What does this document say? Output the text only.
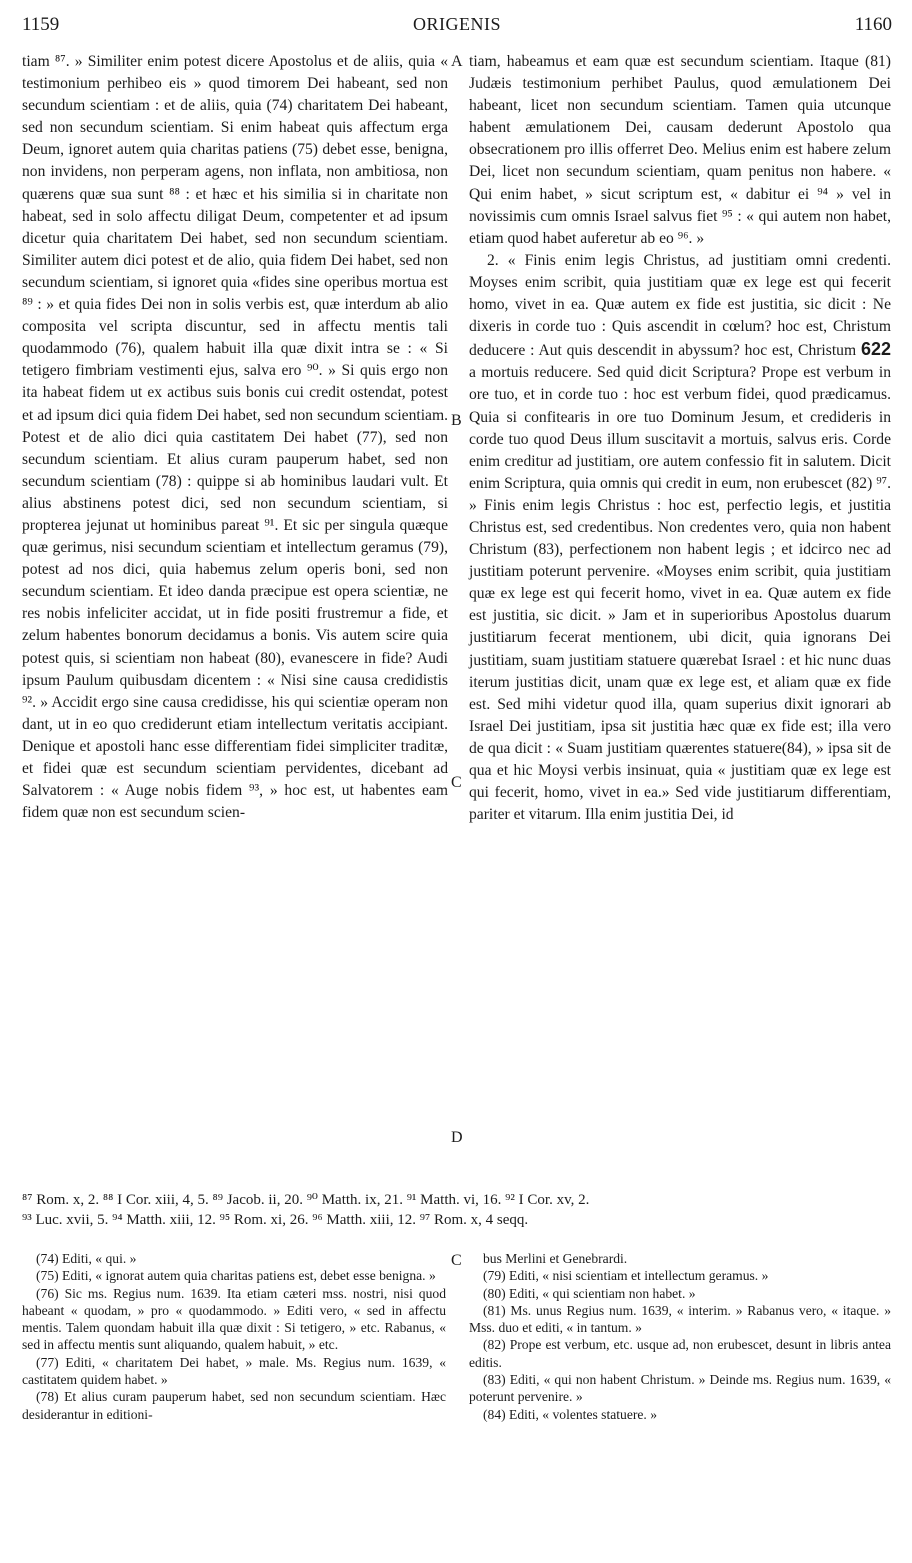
1159	ORIGENIS	1160

tiam ⁸⁷. » Similiter enim potest dicere Apostolus et de aliis, quia « testimonium perhibeo eis » quod timorem Dei habeant, sed non secundum scientiam : et de aliis, quia (74) charitatem Dei habeant, sed non secundum scientiam. Si enim habeat quis affectum erga Deum, ignoret autem quia charitas patiens (75) debet esse, benigna, non invidens, non perperam agens, non inflata, non ambitiosa, non quærens quæ sua sunt ⁸⁸ : et hæc et his similia si in charitate non habeat, sed in solo affectu diligat Deum, competenter et ad ipsum dicetur quia charitatem Dei habet, sed non secundum scientiam. Similiter autem dici potest et de alio, quia fidem Dei habet, sed non secundum scientiam, si ignoret quia «fides sine operibus mortua est ⁸⁹ : » et quia fides Dei non in solis verbis est, quæ interdum ab alio composita vel scripta discuntur, sed in affectu mentis tali quodammodo (76), qualem habuit illa quæ dixit intra se : « Si tetigero fimbriam vestimenti ejus, salva ero ⁹⁰. » Si quis ergo non ita habeat fidem ut ex actibus suis bonis cui credit ostendat, potest et ad ipsum dici quia fidem Dei habet, sed non secundum scientiam. Potest et de alio dici quia castitatem Dei habet (77), sed non secundum scientiam. Et alius curam pauperum habet, sed non secundum scientiam (78) : quippe si ab hominibus laudari vult. Et alius abstinens potest dici, sed non secundum scientiam, si propterea jejunat ut hominibus pareat ⁹¹. Et sic per singula quæque quæ gerimus, nisi secundum scientiam et intellectum geramus (79), potest ad nos dici, quia habemus zelum operis boni, sed non secundum scientiam. Et ideo danda præcipue est opera scientiæ, ne res nobis infeliciter accidat, ut in fide positi frustremur a fide, et zelum habentes bonorum decidamus a bonis. Vis autem scire quia potest quis, si scientiam non habeat (80), evanescere in fide? Audi ipsum Paulum quibusdam dicentem : « Nisi sine causa credidistis ⁹². » Accidit ergo sine causa credidisse, his qui scientiæ operam non dant, ut in eo quo crediderunt etiam intellectum veritatis accipiant. Denique et apostoli hanc esse differentiam fidei simpliciter traditæ, et fidei quæ est secundum scientiam pervidentes, dicebant ad Salvatorem : « Auge nobis fidem ⁹³, » hoc est, ut habentes eam fidem quæ non est secundum scien-

tiam, habeamus et eam quæ est secundum scientiam. Itaque (81) Judæis testimonium perhibet Paulus, quod æmulationem Dei habeant, licet non secundum scientiam. Tamen quia utcunque habent æmulationem Dei, causam dederunt Apostolo qua obsecrationem pro illis offerret Deo. Melius enim est habere zelum Dei, licet non secundum scientiam, quam penitus non habere. « Qui enim habet, » sicut scriptum est, « dabitur ei ⁹⁴ » vel in novissimis cum omnis Israel salvus fiet ⁹⁵ : « qui autem non habet, etiam quod habet auferetur ab eo ⁹⁶. »

2. « Finis enim legis Christus, ad justitiam omni credenti. Moyses enim scribit, quia justitiam quæ ex lege est qui fecerit homo, vivet in ea. Quæ autem ex fide est justitia, sic dicit : Ne dixeris in corde tuo : Quis ascendit in cœlum? hoc est, Christum deducere : Aut quis descendit in abyssum? hoc est, Christum 622 a mortuis reducere. Sed quid dicit Scriptura? Prope est verbum in ore tuo, et in corde tuo : hoc est verbum fidei, quod prædicamus. Quia si confitearis in ore tuo Dominum Jesum, et credideris in corde tuo quod Deus illum suscitavit a mortuis, salvus eris. Corde enim creditur ad justitiam, ore autem confessio fit in salutem. Dicit enim Scriptura, quia omnis qui credit in eum, non erubescet (82) ⁹⁷. » Finis enim legis Christus : hoc est, perfectio legis, et justitia Christus est, sed credentibus. Non credentes vero, quia non habent Christum (83), perfectionem non habent legis ; et idcirco nec ad justitiam poterunt pervenire. «Moyses enim scribit, quia justitiam quæ ex lege est qui fecerit homo, vivet in ea. Quæ autem ex fide est justitia, sic dicit. » Jam et in superioribus Apostolus duarum justitiarum fecerat mentionem, ubi dicit, quia ignorans Dei justitiam, suam justitiam statuere quærebat Israel : et hic nunc duas iterum justitias dicit, unam quæ ex lege est, et aliam quæ ex fide est. Sed mihi videtur quod illa, quam superius dixit ignorari ab Israel Dei justitiam, ipsa sit justitia hæc quæ ex fide est; illa vero de qua dicit : « Suam justitiam quærentes statuere(84), » ipsa sit de qua et hic Moysi verbis insinuat, quia « justitiam quæ ex lege est qui fecerit, homo, vivet in ea.» Sed vide justitiarum differentiam, pariter et vitarum. Illa enim justitia Dei, id

A
B
C
D
C
⁸⁷ Rom. x, 2. ⁸⁸ I Cor. xiii, 4, 5. ⁸⁹ Jacob. ii, 20. ⁹⁰ Matth. ix, 21. ⁹¹ Matth. vi, 16. ⁹² I Cor. xv, 2.
⁹³ Luc. xvii, 5. ⁹⁴ Matth. xiii, 12. ⁹⁵ Rom. xi, 26. ⁹⁶ Matth. xiii, 12. ⁹⁷ Rom. x, 4 seqq.

(74) Editi, « qui. »

(75) Editi, « ignorat autem quia charitas patiens est, debet esse benigna. »

(76) Sic ms. Regius num. 1639. Ita etiam cæteri mss. nostri, nisi quod habeant « quodam, » pro « quodammodo. » Editi vero, « sed in affectu mentis. Talem quondam habuit illa quæ dixit : Si tetigero, » etc. Rabanus, « sed in affectu mentis sunt aliquando, qualem habuit, » etc.

(77) Editi, « charitatem Dei habet, » male. Ms. Regius num. 1639, « castitatem quidem habet. »

(78) Et alius curam pauperum habet, sed non secundum scientiam. Hæc desiderantur in editioni-

bus Merlini et Genebrardi.

(79) Editi, « nisi scientiam et intellectum geramus. »

(80) Editi, « qui scientiam non habet. »

(81) Ms. unus Regius num. 1639, « interim. » Rabanus vero, « itaque. » Mss. duo et editi, « in tantum. »

(82) Prope est verbum, etc. usque ad, non erubescet, desunt in libris antea editis.

(83) Editi, « qui non habent Christum. » Deinde ms. Regius num. 1639, « poterunt pervenire. »

(84) Editi, « volentes statuere. »
